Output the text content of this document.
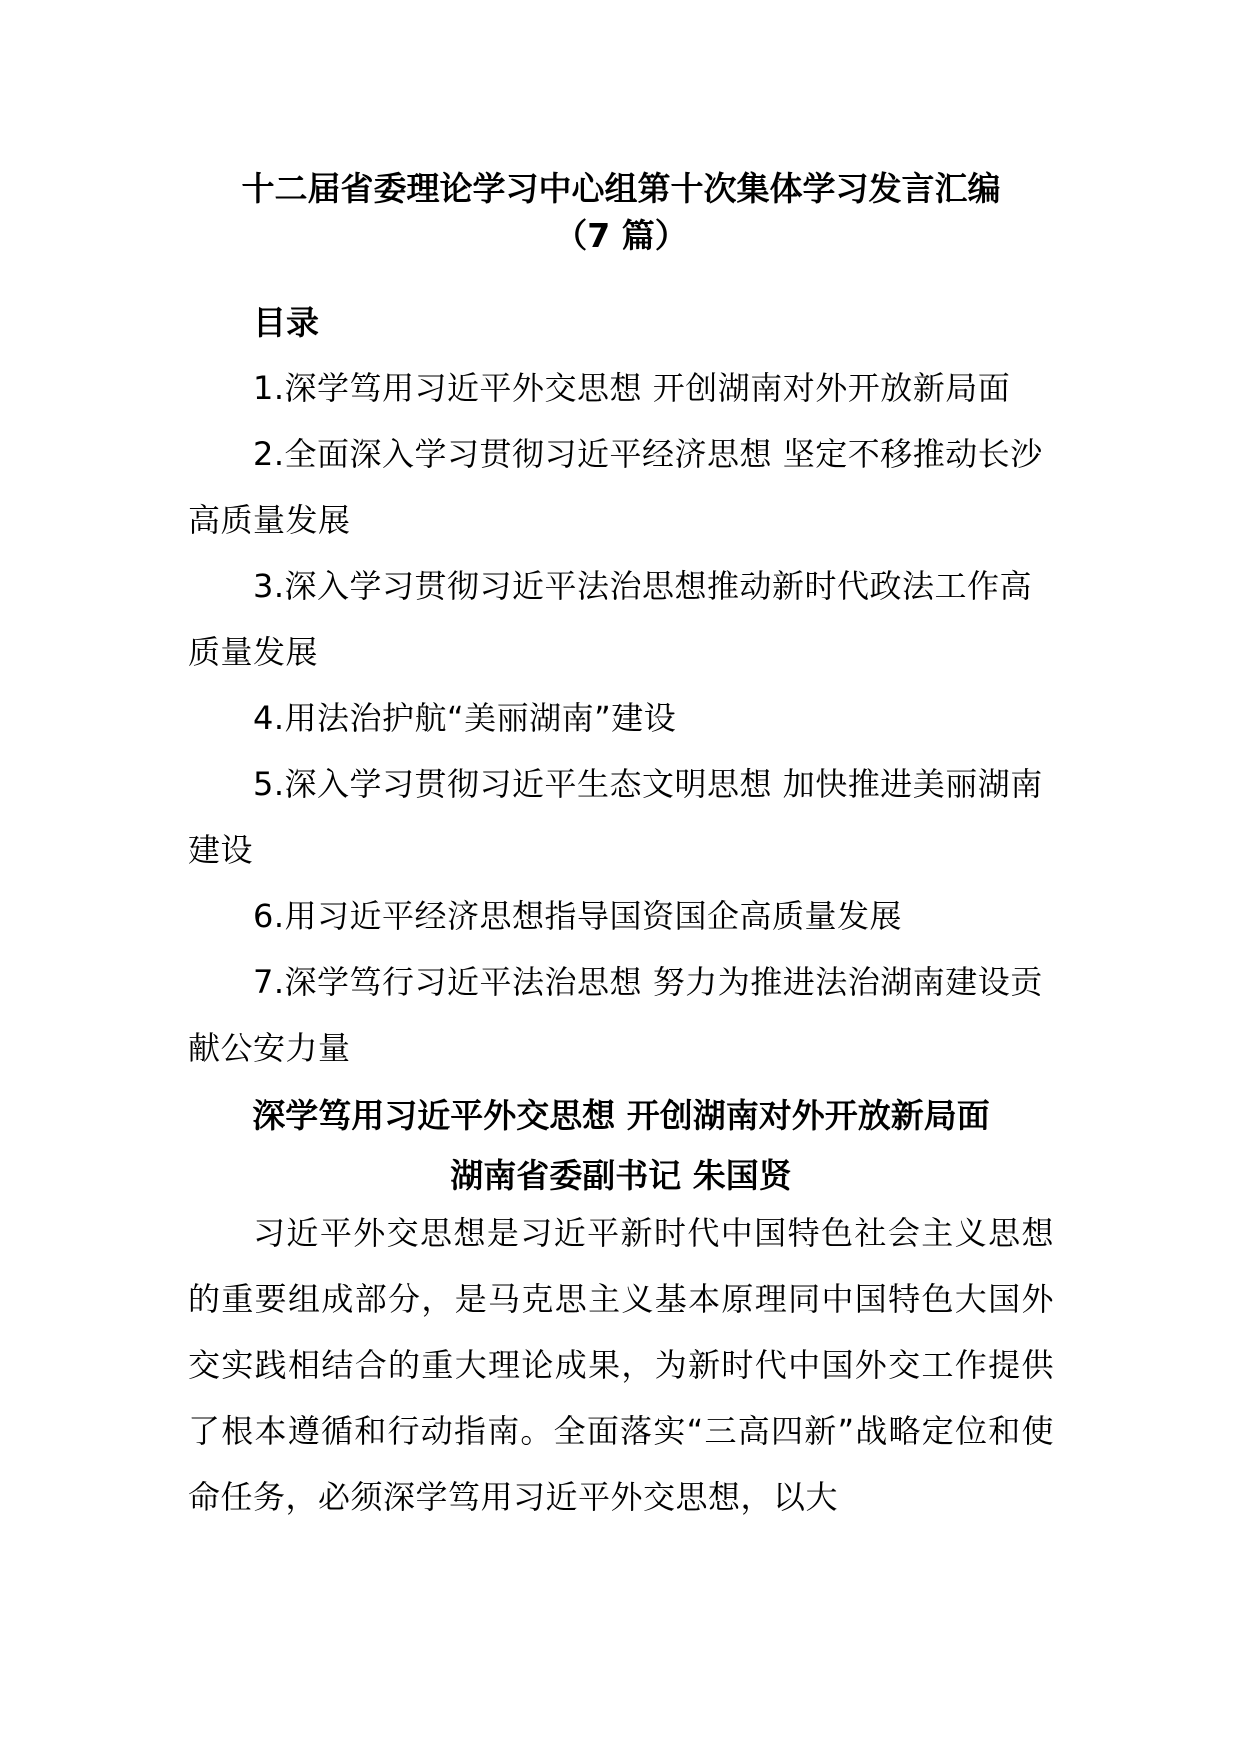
十二届省委理论学习中心组第十次集体学习发言汇编
（7 篇）
目录
1.深学笃用习近平外交思想 开创湖南对外开放新局面
2.全面深入学习贯彻习近平经济思想 坚定不移推动长沙高质量发展
3.深入学习贯彻习近平法治思想推动新时代政法工作高质量发展
4.用法治护航“美丽湖南”建设
5.深入学习贯彻习近平生态文明思想 加快推进美丽湖南建设
6.用习近平经济思想指导国资国企高质量发展
7.深学笃行习近平法治思想 努力为推进法治湖南建设贡献公安力量
深学笃用习近平外交思想 开创湖南对外开放新局面
湖南省委副书记 朱国贤

习近平外交思想是习近平新时代中国特色社会主义思想的重要组成部分，是马克思主义基本原理同中国特色大国外交实践相结合的重大理论成果，为新时代中国外交工作提供了根本遵循和行动指南。全面落实“三高四新”战略定位和使命任务，必须深学笃用习近平外交思想，以大
